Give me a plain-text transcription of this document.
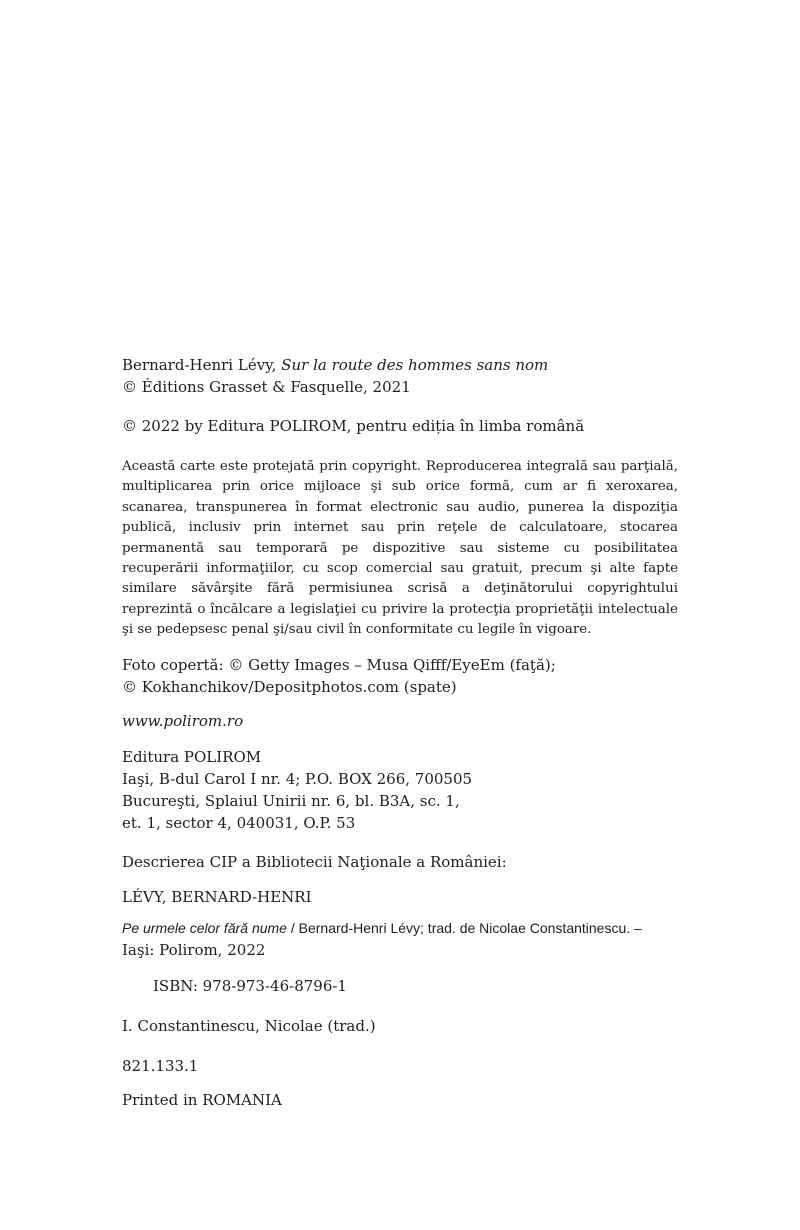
Bernard-Henri Lévy, Sur la route des hommes sans nom

© Éditions Grasset & Fasquelle, 2021

© 2022 by Editura POLIROM, pentru ediția în limba română

Această carte este protejată prin copyright. Reproducerea integrală sau parţială, multiplicarea prin orice mijloace şi sub orice formă, cum ar fi xeroxarea, scanarea, transpunerea în format electronic sau audio, punerea la dispoziţia publică, inclusiv prin internet sau prin reţele de calculatoare, stocarea permanentă sau temporară pe dispozitive sau sisteme cu posibilitatea recuperării informaţiilor, cu scop comercial sau gratuit, precum şi alte fapte similare săvârşite fără permisiunea scrisă a deţinătorului copyrightului reprezintă o încălcare a legislaţiei cu privire la protecţia proprietăţii intelectuale şi se pedepsesc penal şi/sau civil în conformitate cu legile în vigoare.

Foto copertă: © Getty Images – Musa Qifff/EyeEm (faţă);

© Kokhanchikov/Depositphotos.com (spate)

www.polirom.ro

Editura POLIROM

Iaşi, B-dul Carol I nr. 4; P.O. BOX 266, 700505

Bucureşti, Splaiul Unirii nr. 6, bl. B3A, sc. 1,

et. 1, sector 4, 040031, O.P. 53

Descrierea CIP a Bibliotecii Naţionale a României:

LÉVY, BERNARD-HENRI

Pe urmele celor fără nume / Bernard-Henri Lévy; trad. de Nicolae Constantinescu. –

Iaşi: Polirom, 2022

ISBN: 978-973-46-8796-1

I. Constantinescu, Nicolae (trad.)

821.133.1

Printed in ROMANIA
